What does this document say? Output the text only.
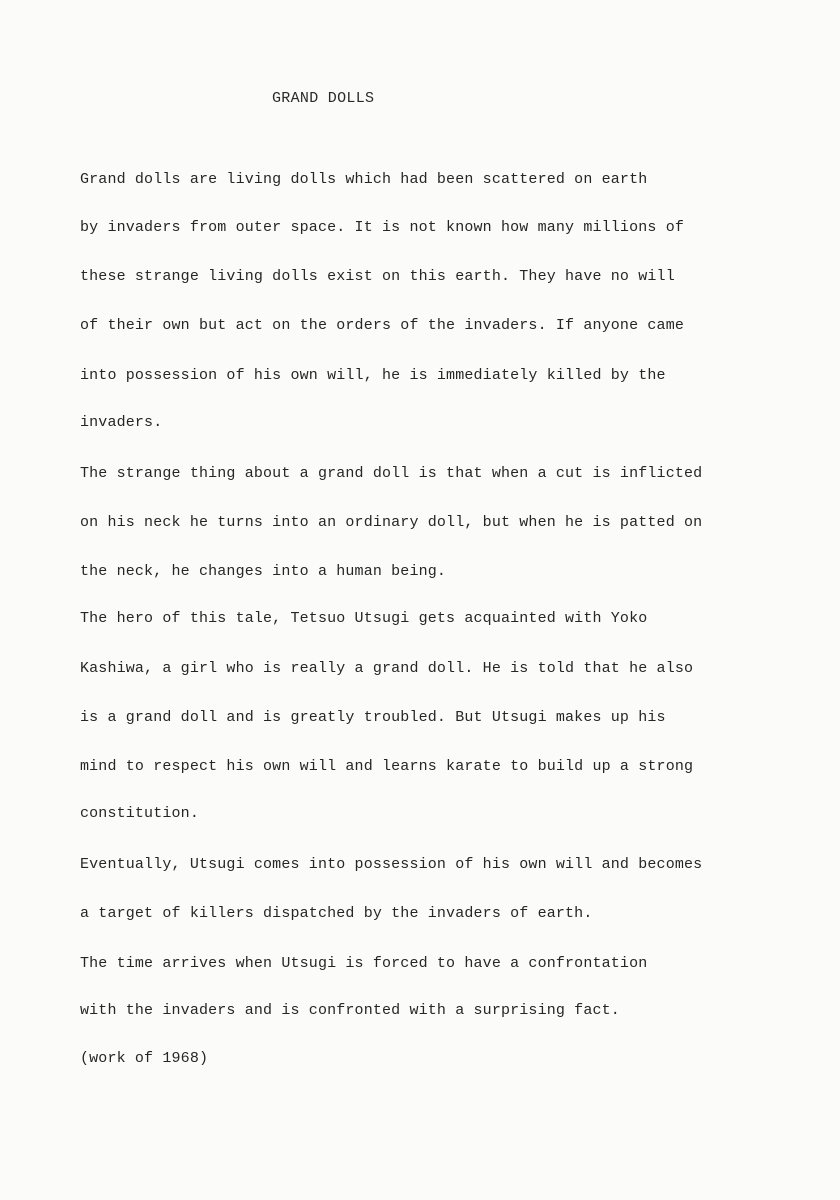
GRAND DOLLS
Grand dolls are living dolls which had been scattered on earth
by invaders from outer space. It is not known how many millions of
these strange living dolls exist on this earth. They have no will
of their own but act on the orders of the invaders. If anyone came
into possession of his own will, he is immediately killed by the
invaders.
The strange thing about a grand doll is that when a cut is inflicted
on his neck he turns into an ordinary doll, but when he is patted on
the neck, he changes into a human being.
The hero of this tale, Tetsuo Utsugi gets acquainted with Yoko
Kashiwa, a girl who is really a grand doll. He is told that he also
is a grand doll and is greatly troubled. But Utsugi makes up his
mind to respect his own will and learns karate to build up a strong
constitution.
Eventually, Utsugi comes into possession of his own will and becomes
a target of killers dispatched by the invaders of earth.
The time arrives when Utsugi is forced to have a confrontation
with the invaders and is confronted with a surprising fact.
(work of 1968)
